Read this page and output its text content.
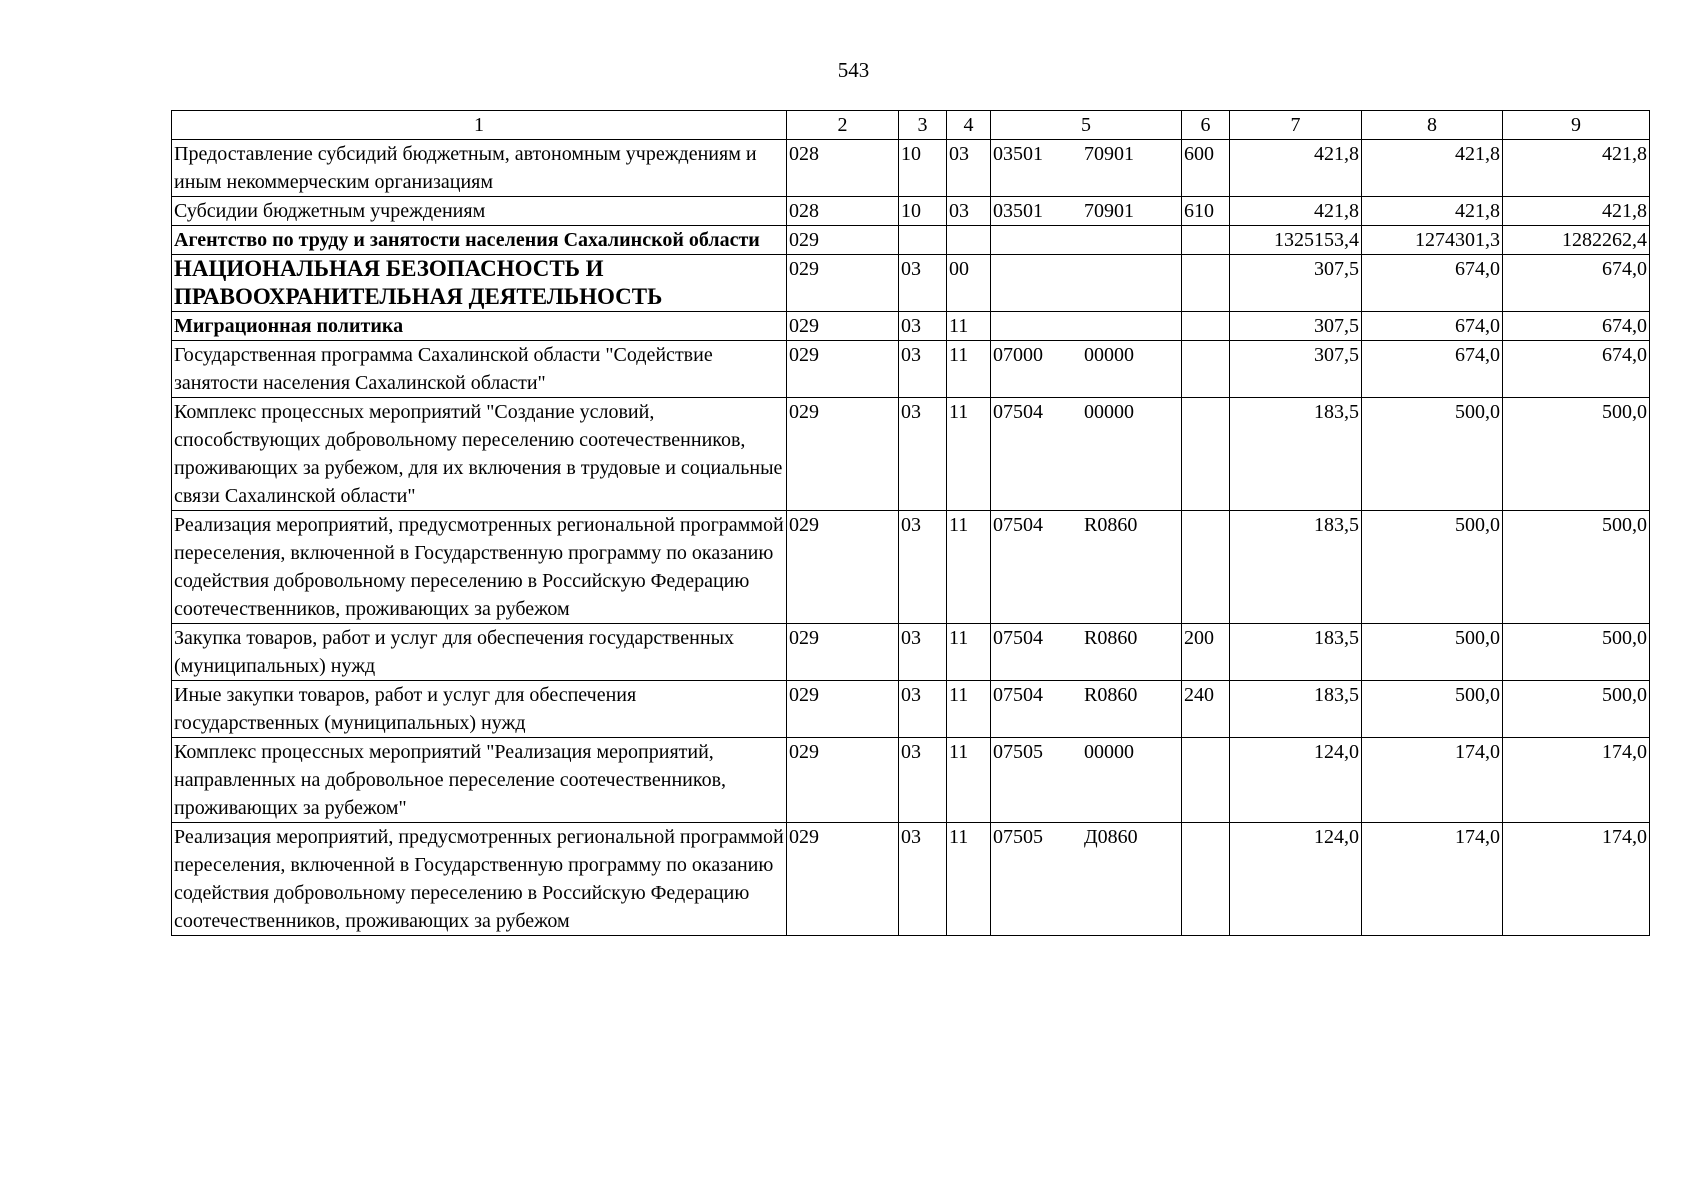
543
1	2	3	4	5	6	7	8	9
Предоставление субсидий бюджетным, автономным учреждениям и иным некоммерческим организациям	028	10	03	03501 70901	600	421,8	421,8	421,8
Субсидии бюджетным учреждениям	028	10	03	03501 70901	610	421,8	421,8	421,8
Агентство по труду и занятости населения Сахалинской области	029					1325153,4	1274301,3	1282262,4
НАЦИОНАЛЬНАЯ БЕЗОПАСНОСТЬ И ПРАВООХРАНИТЕЛЬНАЯ ДЕЯТЕЛЬНОСТЬ	029	03	00			307,5	674,0	674,0
Миграционная политика	029	03	11			307,5	674,0	674,0
Государственная программа Сахалинской области "Содействие занятости населения Сахалинской области"	029	03	11	07000 00000		307,5	674,0	674,0
Комплекс процессных мероприятий "Создание условий, способствующих добровольному переселению соотечественников, проживающих за рубежом, для их включения в трудовые и социальные связи Сахалинской области"	029	03	11	07504 00000		183,5	500,0	500,0
Реализация мероприятий, предусмотренных региональной программой переселения, включенной в Государственную программу по оказанию содействия добровольному переселению в Российскую Федерацию соотечественников, проживающих за рубежом	029	03	11	07504 R0860		183,5	500,0	500,0
Закупка товаров, работ и услуг для обеспечения государственных (муниципальных) нужд	029	03	11	07504 R0860	200	183,5	500,0	500,0
Иные закупки товаров, работ и услуг для обеспечения государственных (муниципальных) нужд	029	03	11	07504 R0860	240	183,5	500,0	500,0
Комплекс процессных мероприятий "Реализация мероприятий, направленных на добровольное переселение соотечественников, проживающих за рубежом"	029	03	11	07505 00000		124,0	174,0	174,0
Реализация мероприятий, предусмотренных региональной программой переселения, включенной в Государственную программу по оказанию содействия добровольному переселению в Российскую Федерацию соотечественников, проживающих за рубежом	029	03	11	07505 Д0860		124,0	174,0	174,0
